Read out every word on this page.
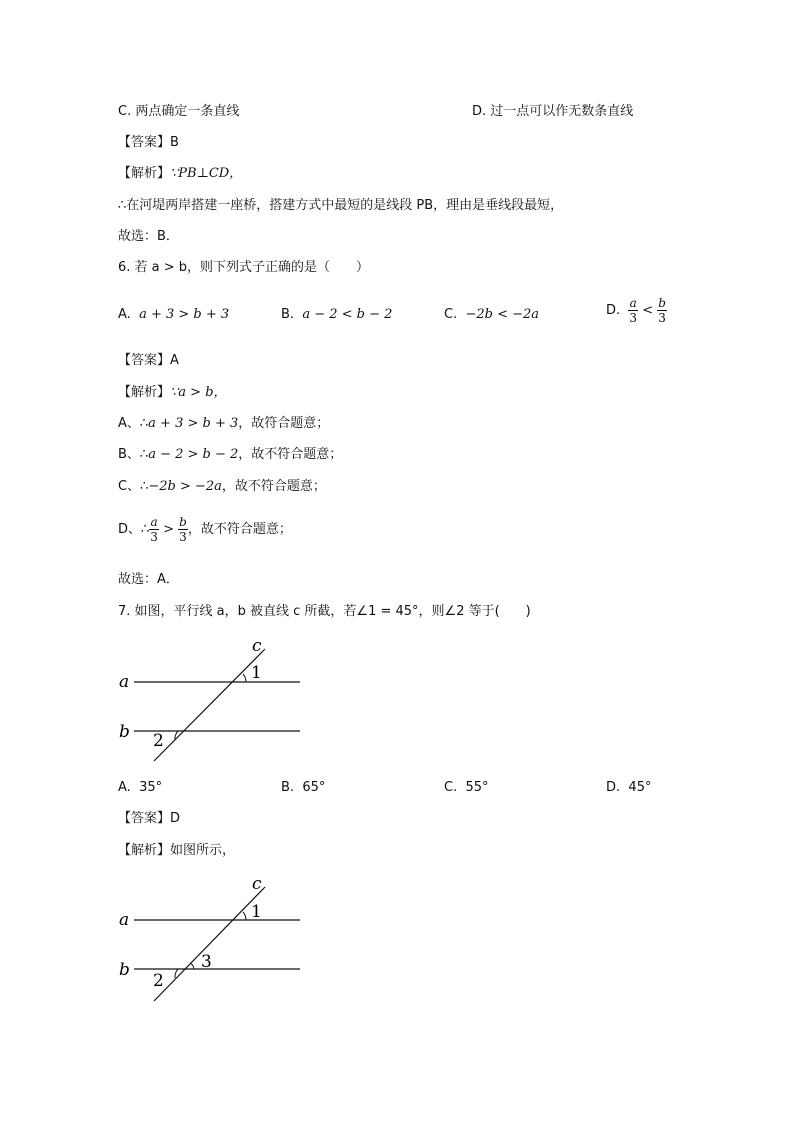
C. 两点确定一条直线	D. 过一点可以作无数条直线
【答案】B
【解析】∵PB⊥CD，
∴在河堤两岸搭建一座桥，搭建方式中最短的是线段 PB，理由是垂线段最短，
故选：B．
6. 若 a > b，则下列式子正确的是（　　）
A. a + 3 > b + 3	B. a − 2 < b − 2	C. −2b < −2a	D. $\frac{a}{3} < \frac{b}{3}$
【答案】A
【解析】∵a > b，
A、∴a + 3 > b + 3，故符合题意；
B、∴a − 2 > b − 2，故不符合题意；
C、∴−2b > −2a，故不符合题意；
D、∴ $\frac{a}{3} > \frac{b}{3}$ ，故不符合题意；
故选：A．
7. 如图，平行线 a，b 被直线 c 所截，若∠1 = 45°，则∠2 等于(　　)
a
b
c
1
2
A. 35°	B. 65°	C. 55°	D. 45°
【答案】D
【解析】如图所示，
a
b
c
1
2
3
